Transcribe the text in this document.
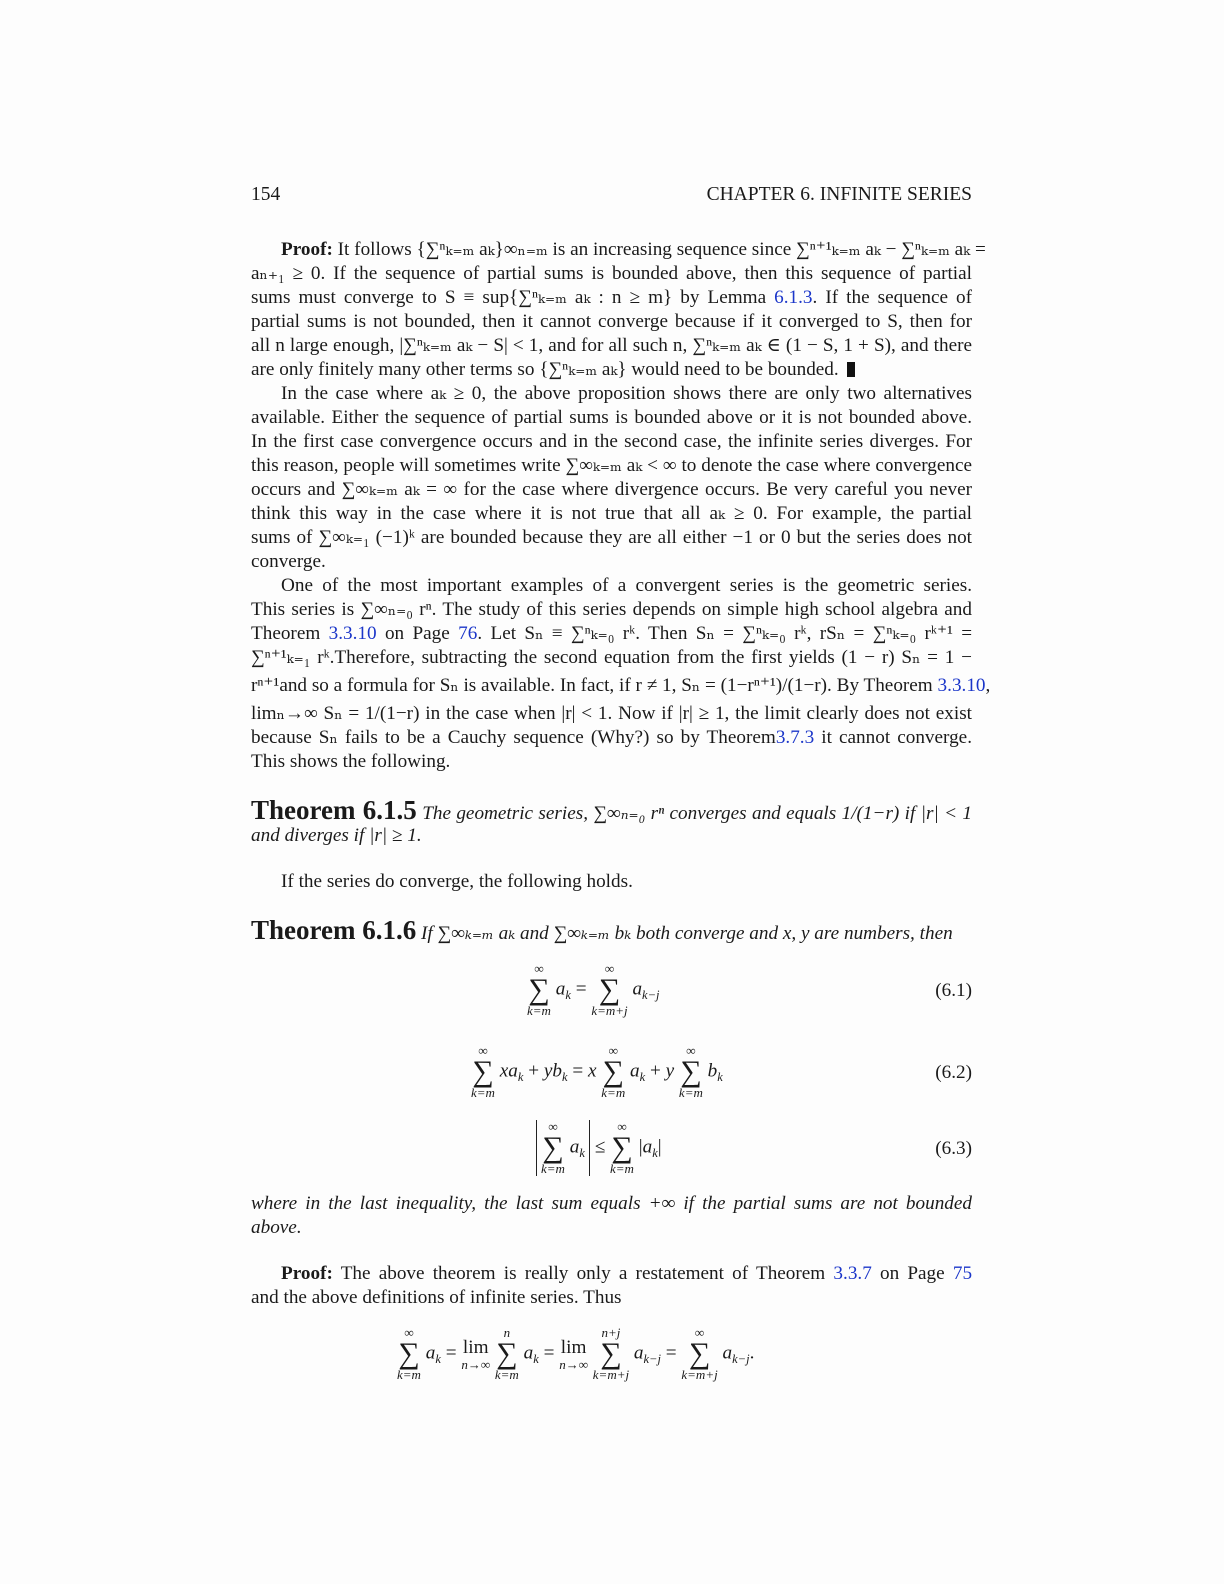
154	CHAPTER 6. INFINITE SERIES
Proof: It follows {∑ⁿₖ₌ₘ aₖ}∞ₙ₌ₘ is an increasing sequence since ∑ⁿ⁺¹ₖ₌ₘ aₖ − ∑ⁿₖ₌ₘ aₖ =
aₙ₊₁ ≥ 0. If the sequence of partial sums is bounded above, then this sequence of partial
sums must converge to S ≡ sup{∑ⁿₖ₌ₘ aₖ : n ≥ m} by Lemma 6.1.3. If the sequence of
partial sums is not bounded, then it cannot converge because if it converged to S, then for
all n large enough, |∑ⁿₖ₌ₘ aₖ − S| < 1, and for all such n, ∑ⁿₖ₌ₘ aₖ ∈ (1 − S, 1 + S), and there
are only finitely many other terms so {∑ⁿₖ₌ₘ aₖ} would need to be bounded.
In the case where aₖ ≥ 0, the above proposition shows there are only two alternatives
available. Either the sequence of partial sums is bounded above or it is not bounded above.
In the first case convergence occurs and in the second case, the infinite series diverges. For
this reason, people will sometimes write ∑∞ₖ₌ₘ aₖ < ∞ to denote the case where convergence
occurs and ∑∞ₖ₌ₘ aₖ = ∞ for the case where divergence occurs. Be very careful you never
think this way in the case where it is not true that all aₖ ≥ 0. For example, the partial
sums of ∑∞ₖ₌₁ (−1)ᵏ are bounded because they are all either −1 or 0 but the series does not
converge.
One of the most important examples of a convergent series is the geometric series.
This series is ∑∞ₙ₌₀ rⁿ. The study of this series depends on simple high school algebra and
Theorem 3.3.10 on Page 76. Let Sₙ ≡ ∑ⁿₖ₌₀ rᵏ. Then Sₙ = ∑ⁿₖ₌₀ rᵏ, rSₙ = ∑ⁿₖ₌₀ rᵏ⁺¹ =
∑ⁿ⁺¹ₖ₌₁ rᵏ.Therefore, subtracting the second equation from the first yields (1 − r) Sₙ = 1 −
rⁿ⁺¹and so a formula for Sₙ is available. In fact, if r ≠ 1, Sₙ = (1−rⁿ⁺¹)/(1−r). By Theorem 3.3.10,
limₙ→∞ Sₙ = 1/(1−r) in the case when |r| < 1. Now if |r| ≥ 1, the limit clearly does not exist
because Sₙ fails to be a Cauchy sequence (Why?) so by Theorem3.7.3 it cannot converge.
This shows the following.
Theorem 6.1.5 The geometric series, ∑∞ₙ₌₀ rⁿ converges and equals 1/(1−r) if |r| < 1
and diverges if |r| ≥ 1.
If the series do converge, the following holds.
Theorem 6.1.6 If ∑∞ₖ₌ₘ aₖ and ∑∞ₖ₌ₘ bₖ both converge and x, y are numbers, then
∞
∑
k=m
$a_k$ =
∞
∑
k=m+j
$a_{k-j}$	(6.1)
∞
∑
k=m
$xa_k + yb_k = x$
∞
∑
k=m
$a_k + y$
∞
∑
k=m
$b_k$	(6.2)
∞
∑
k=m
$a_k$ ≤
∞
∑
k=m
$|a_k|$	(6.3)
where in the last inequality, the last sum equals +∞ if the partial sums are not bounded
above.
Proof: The above theorem is really only a restatement of Theorem 3.3.7 on Page 75
and the above definitions of infinite series. Thus
∞
∑
k=m
$a_k = \lim$
n→∞

n
∑
k=m
$a_k = \lim$
n→∞

n+j
∑
k=m+j
$a_{k-j}$ =
∞
∑
k=m+j
$a_{k-j}$.
